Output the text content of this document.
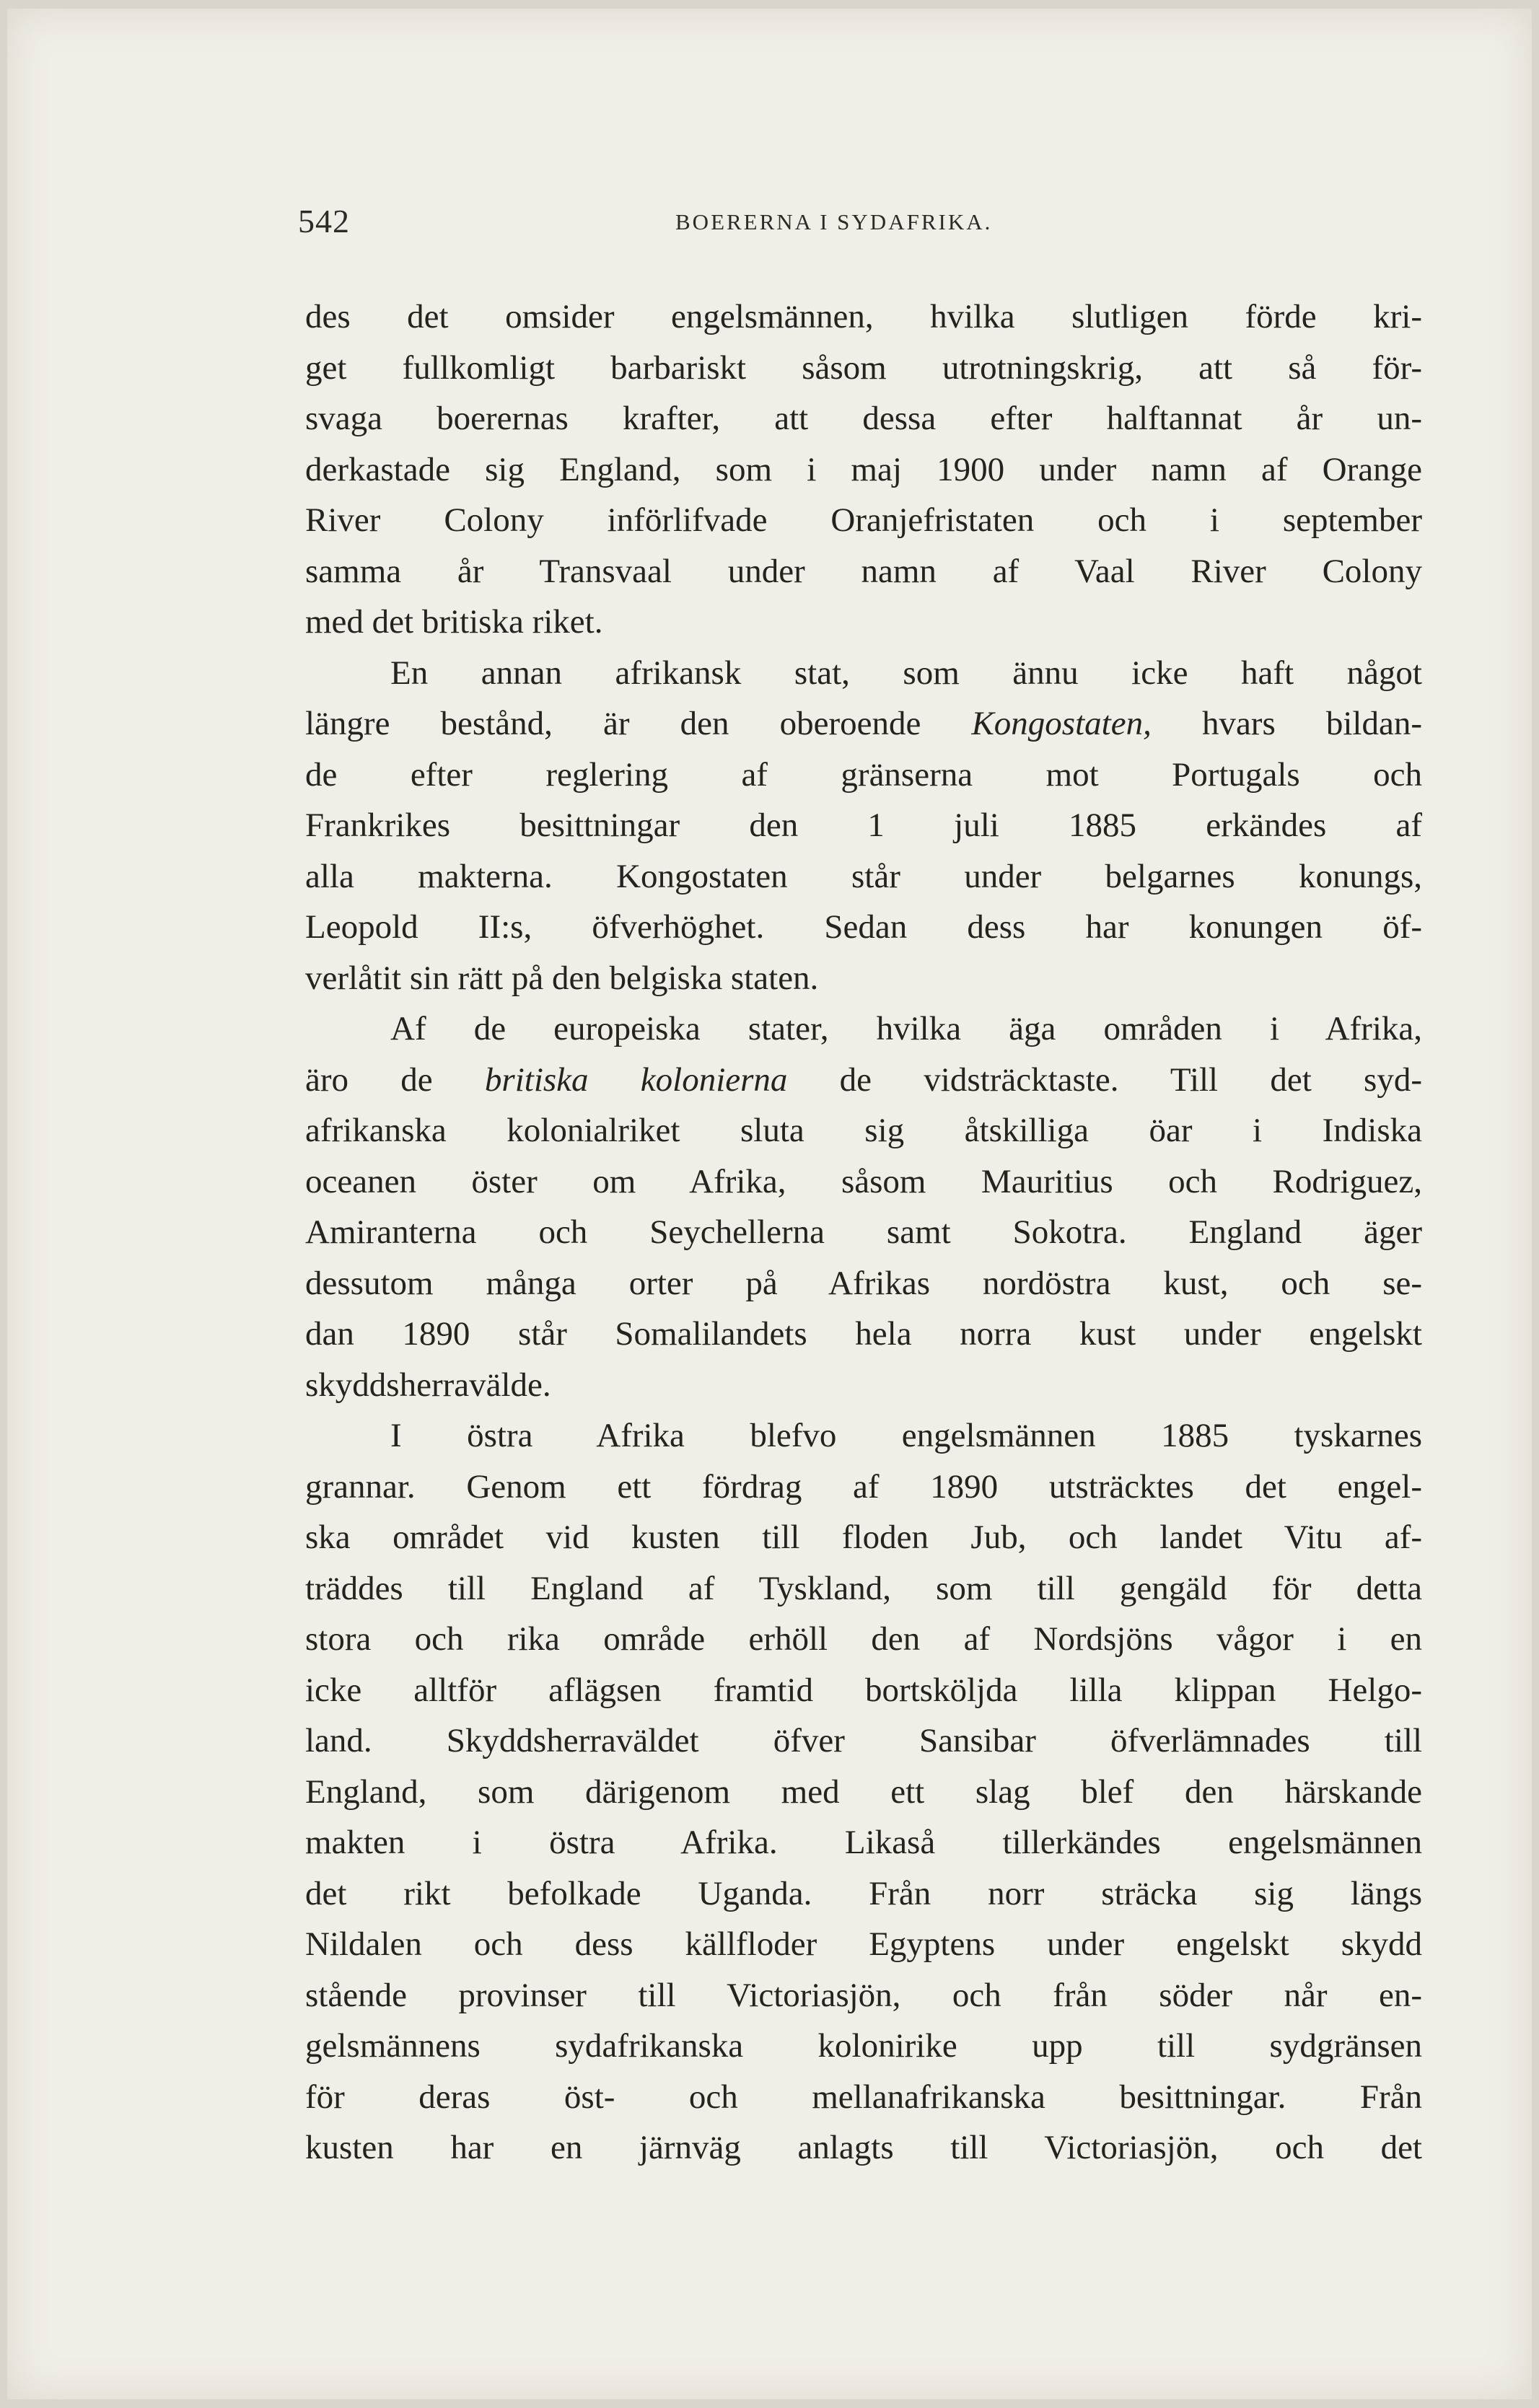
542	BOERERNA I SYDAFRIKA.
des det omsider engelsmännen, hvilka slutligen förde kri-
get fullkomligt barbariskt såsom utrotningskrig, att så för-
svaga boerernas krafter, att dessa efter halftannat år un-
derkastade sig England, som i maj 1900 under namn af Orange
River Colony införlifvade Oranjefristaten och i september
samma år Transvaal under namn af Vaal River Colony
med det britiska riket.
En annan afrikansk stat, som ännu icke haft något
längre bestånd, är den oberoende Kongostaten, hvars bildan-
de efter reglering af gränserna mot Portugals och
Frankrikes besittningar den 1 juli 1885 erkändes af
alla makterna. Kongostaten står under belgarnes konungs,
Leopold II:s, öfverhöghet. Sedan dess har konungen öf-
verlåtit sin rätt på den belgiska staten.
Af de europeiska stater, hvilka äga områden i Afrika,
äro de britiska kolonierna de vidsträcktaste. Till det syd-
afrikanska kolonialriket sluta sig åtskilliga öar i Indiska
oceanen öster om Afrika, såsom Mauritius och Rodriguez,
Amiranterna och Seychellerna samt Sokotra. England äger
dessutom många orter på Afrikas nordöstra kust, och se-
dan 1890 står Somalilandets hela norra kust under engelskt
skyddsherravälde.
I östra Afrika blefvo engelsmännen 1885 tyskarnes
grannar. Genom ett fördrag af 1890 utsträcktes det engel-
ska området vid kusten till floden Jub, och landet Vitu af-
träddes till England af Tyskland, som till gengäld för detta
stora och rika område erhöll den af Nordsjöns vågor i en
icke alltför aflägsen framtid bortsköljda lilla klippan Helgo-
land. Skyddsherraväldet öfver Sansibar öfverlämnades till
England, som därigenom med ett slag blef den härskande
makten i östra Afrika. Likaså tillerkändes engelsmännen
det rikt befolkade Uganda. Från norr sträcka sig längs
Nildalen och dess källfloder Egyptens under engelskt skydd
stående provinser till Victoriasjön, och från söder når en-
gelsmännens sydafrikanska kolonirike upp till sydgränsen
för deras öst- och mellanafrikanska besittningar. Från
kusten har en järnväg anlagts till Victoriasjön, och det
